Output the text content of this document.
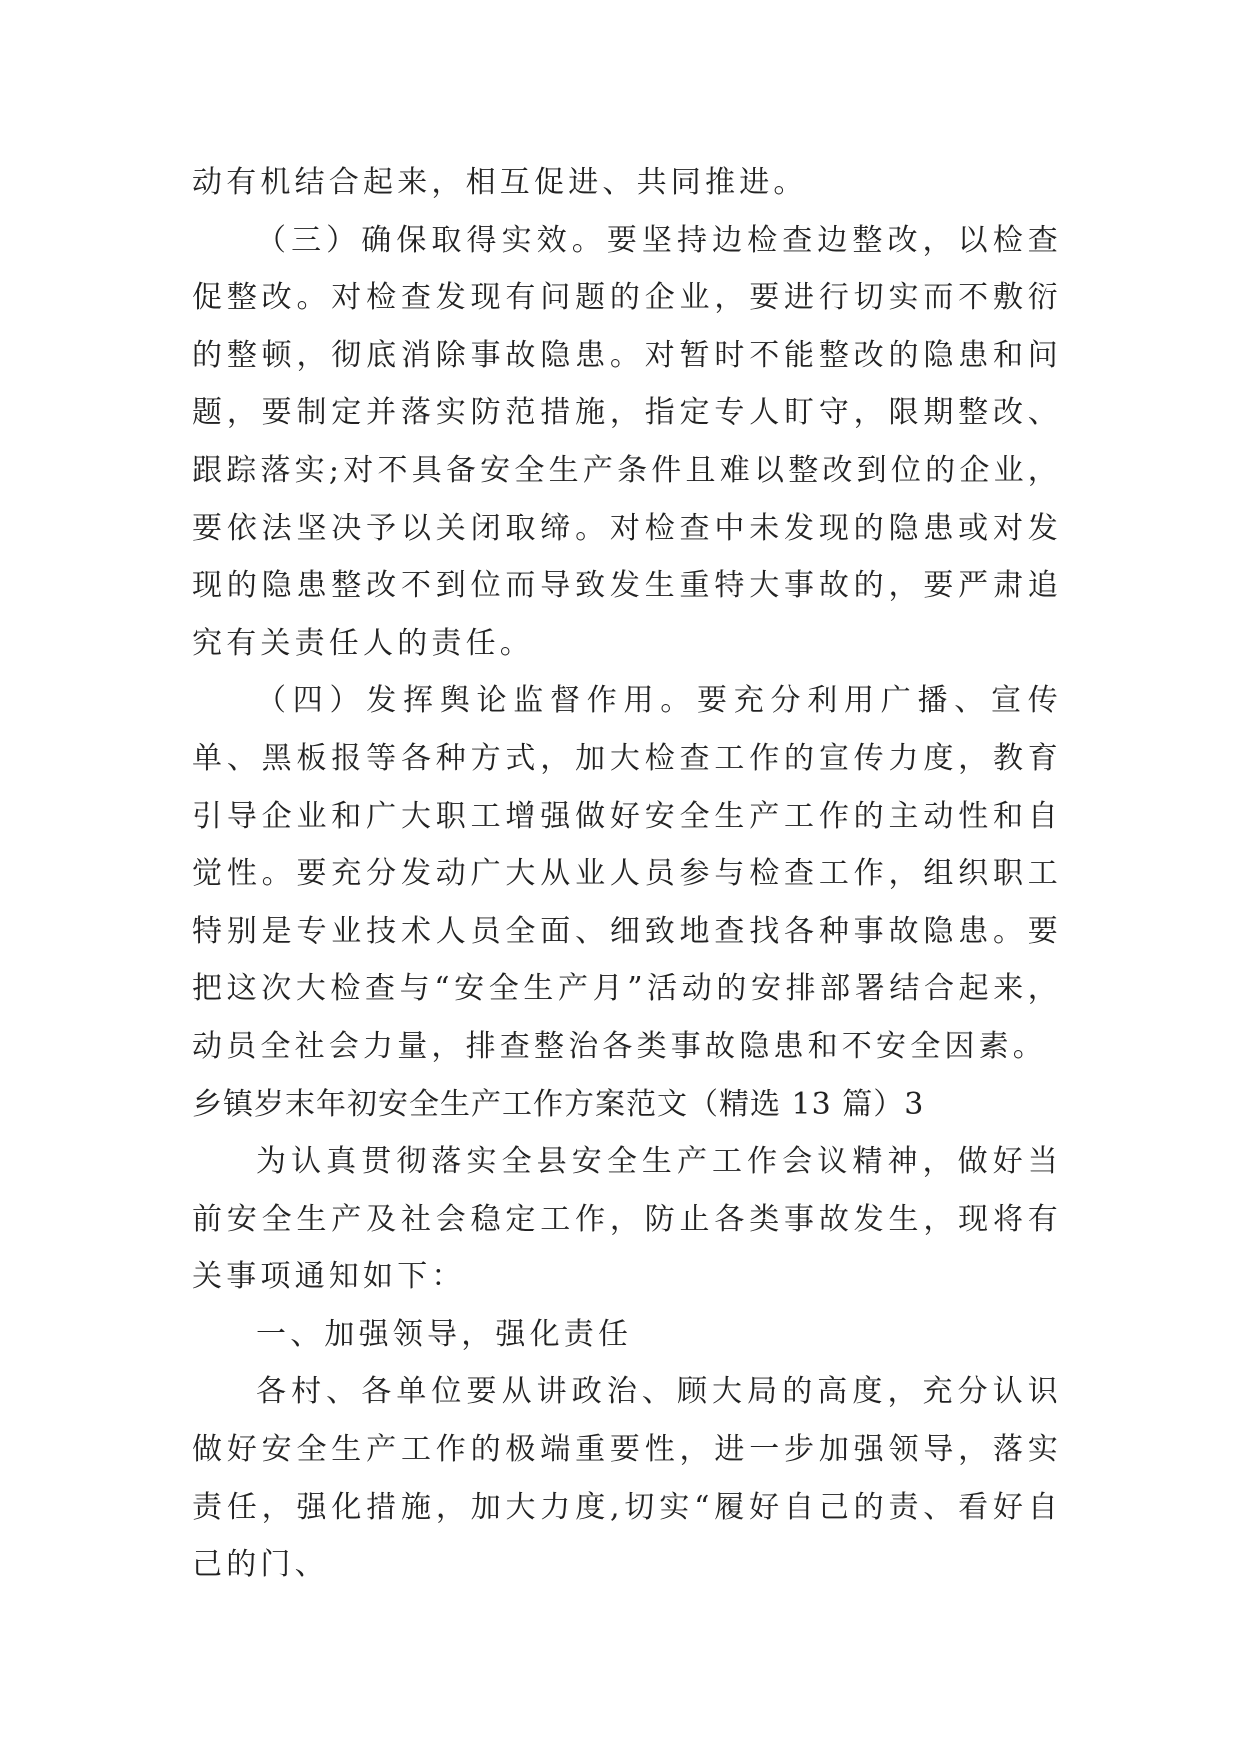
动有机结合起来，相互促进、共同推进。

（三）确保取得实效。要坚持边检查边整改，以检查促整改。对检查发现有问题的企业，要进行切实而不敷衍的整顿，彻底消除事故隐患。对暂时不能整改的隐患和问题，要制定并落实防范措施，指定专人盯守，限期整改、跟踪落实;对不具备安全生产条件且难以整改到位的企业，要依法坚决予以关闭取缔。对检查中未发现的隐患或对发现的隐患整改不到位而导致发生重特大事故的，要严肃追究有关责任人的责任。

（四）发挥舆论监督作用。要充分利用广播、宣传单、黑板报等各种方式，加大检查工作的宣传力度，教育引导企业和广大职工增强做好安全生产工作的主动性和自觉性。要充分发动广大从业人员参与检查工作，组织职工特别是专业技术人员全面、细致地查找各种事故隐患。要把这次大检查与“安全生产月”活动的安排部署结合起来，动员全社会力量，排查整治各类事故隐患和不安全因素。

乡镇岁末年初安全生产工作方案范文（精选 13 篇）3

为认真贯彻落实全县安全生产工作会议精神，做好当前安全生产及社会稳定工作，防止各类事故发生，现将有关事项通知如下：

一、加强领导，强化责任

各村、各单位要从讲政治、顾大局的高度，充分认识做好安全生产工作的极端重要性，进一步加强领导，落实责任，强化措施，加大力度,切实“履好自己的责、看好自己的门、
